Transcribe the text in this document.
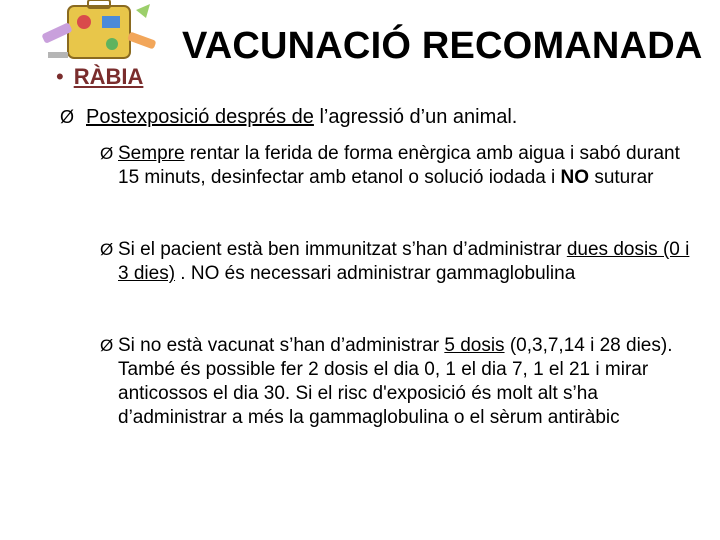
VACUNACIÓ RECOMANADA
• RÀBIA
Ø Postexposició després de l’agressió d’un animal.
Ø Sempre rentar la ferida de forma enèrgica amb aigua i sabó durant 15 minuts, desinfectar amb etanol o solució iodada i NO suturar
Ø Si el pacient està ben immunitzat s’han d’administrar dues dosis (0 i 3 dies) . NO és necessari administrar gammaglobulina
Ø Si no està vacunat s’han d’administrar 5 dosis (0,3,7,14 i 28 dies). També és possible fer 2 dosis el dia 0, 1 el dia 7, 1 el 21 i mirar anticossos el dia 30. Si el risc d'exposició és molt alt s’ha d’administrar a més la gammaglobulina o el sèrum antiràbic
